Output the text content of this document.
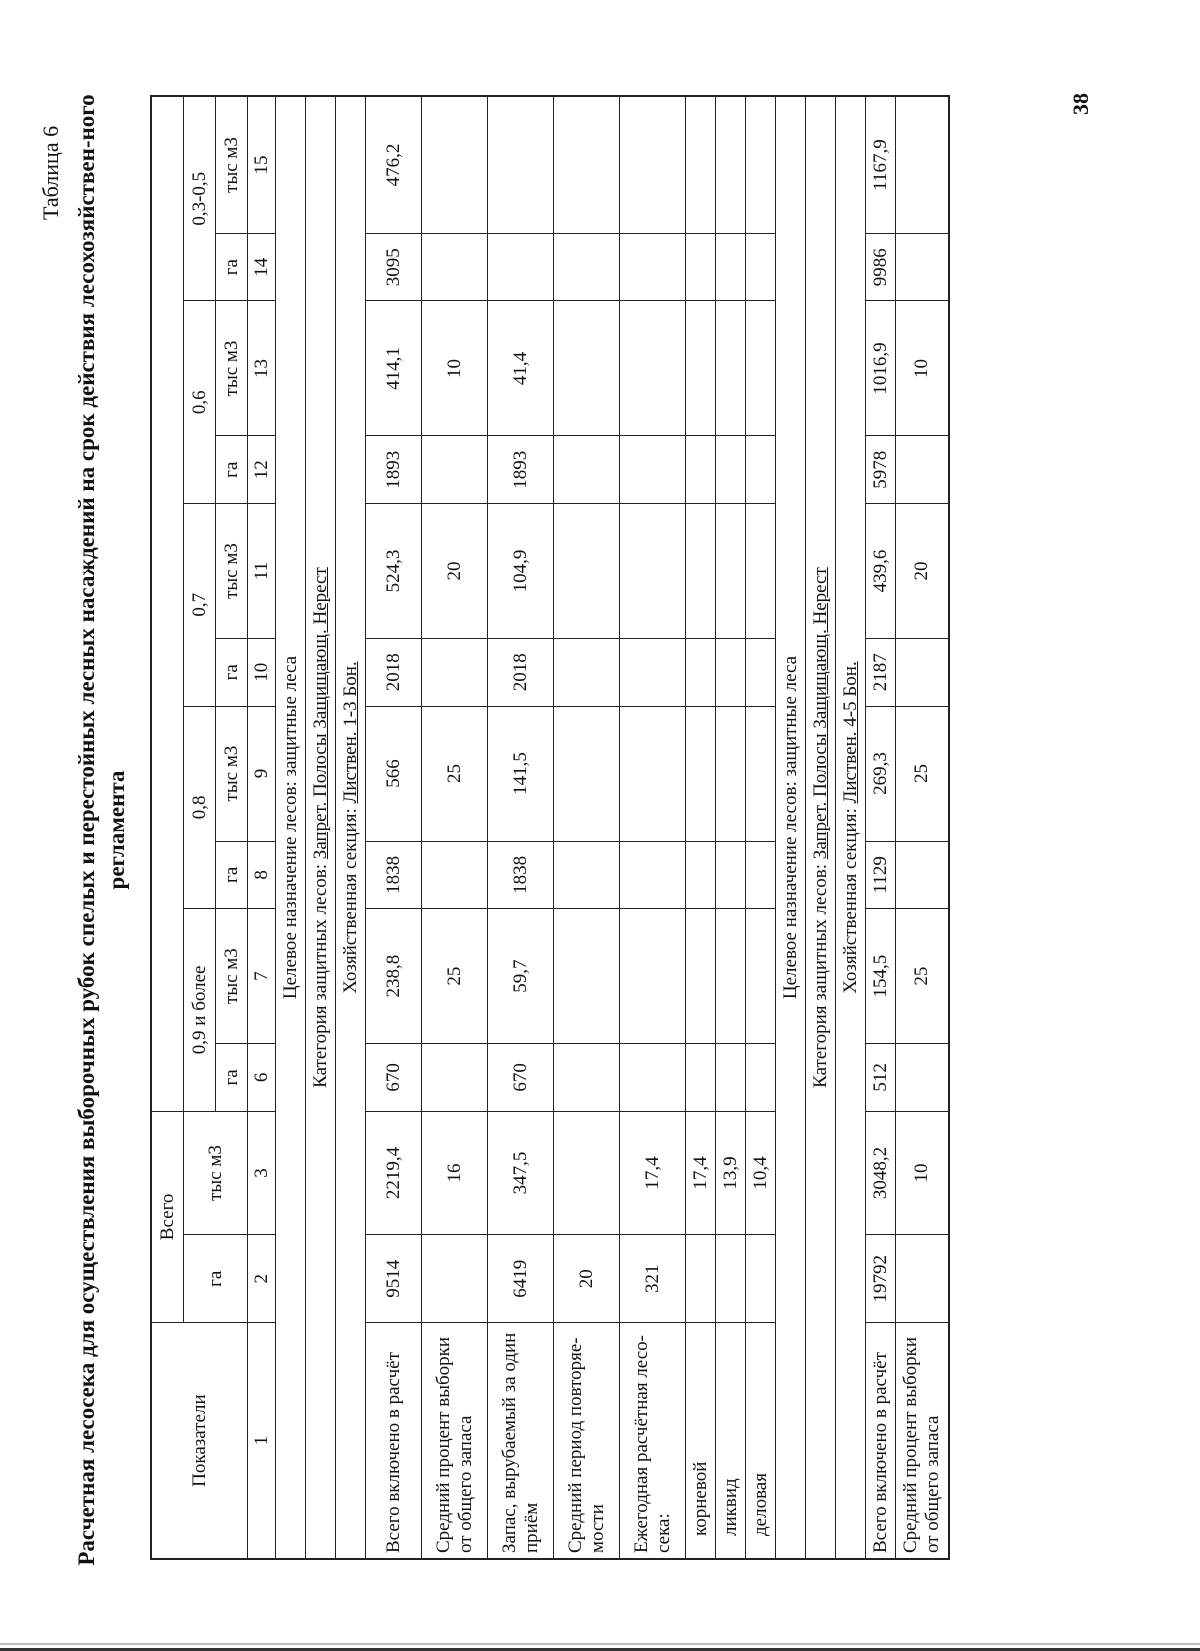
Таблица 6 Расчетная лесосека для осуществления выборочных рубок спелых и перестойных лесных насаждений на срок действия лесохозяйствен-ного регламента
Показатели	Всего											
	га	тыс м3	0,9 и более		0,8		0,7		0,6		0,3-0,5	
			га	тыс м3	га	тыс м3	га	тыс м3	га	тыс м3	га	тыс м3
1	2	3	6	7	8	9	10	11	12	13	14	15
Целевое назначение лесов: защитные леса												
Категория защитных лесов: Запрет. Полосы Защищающ. Нерест												
Хозяйственная секция: Листвен. 1-3 Бон.												
Всего включено в расчёт	9514	2219,4	670	238,8	1838	566	2018	524,3	1893	414,1	3095	476,2
Средний процент выборки от общего запаса		16		25		25		20		10		
Запас, вырубаемый за один приём	6419	347,5	670	59,7	1838	141,5	2018	104,9	1893	41,4		
Средний период повторяе-мости	20											
Ежегодная расчётная лесо-сека:	321	17,4										
корневой		17,4										
ликвид		13,9										
деловая		10,4										
Целевое назначение лесов: защитные леса												
Категория защитных лесов: Запрет. Полосы Защищающ. Нерест												
Хозяйственная секция: Листвен. 4-5 Бон.												
Всего включено в расчёт	19792	3048,2	512	154,5	1129	269,3	2187	439,6	5978	1016,9	9986	1167,9
Средний процент выборки от общего запаса		10		25		25		20		10		
38
